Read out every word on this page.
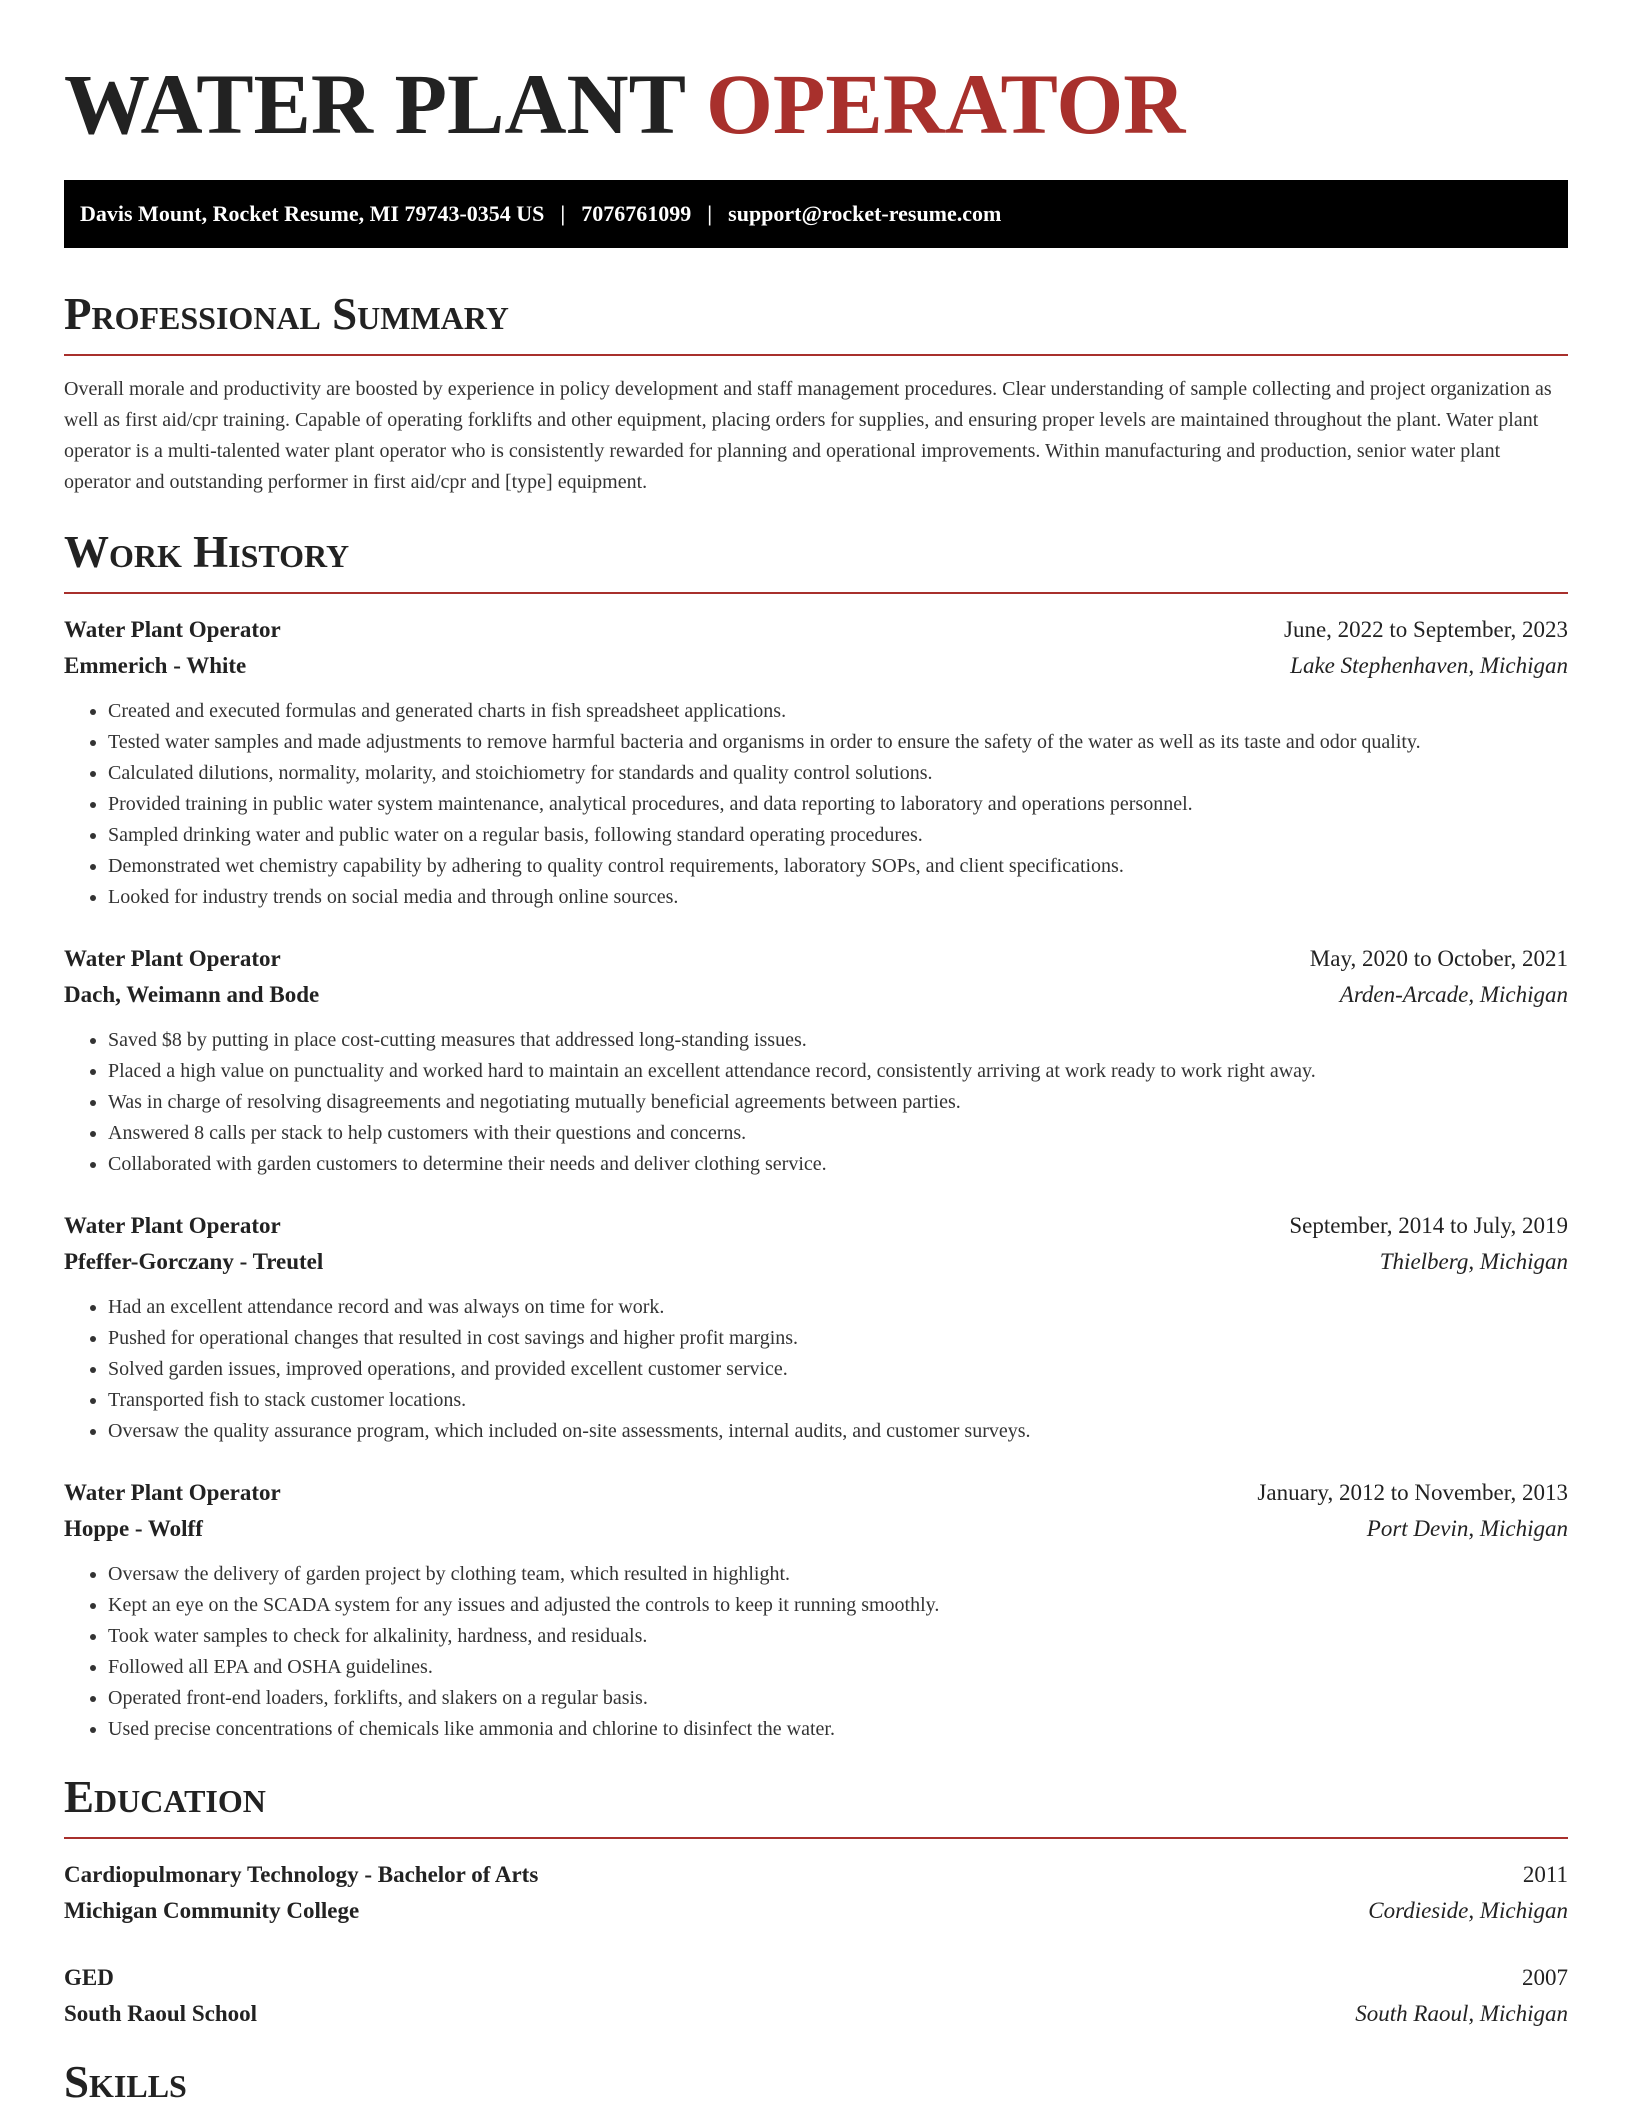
WATER PLANT OPERATOR
Davis Mount, Rocket Resume, MI 79743-0354 US | 7076761099 | support@rocket-resume.com
Professional Summary

Overall morale and productivity are boosted by experience in policy development and staff management procedures. Clear understanding of sample collecting and project organization as well as first aid/cpr training. Capable of operating forklifts and other equipment, placing orders for supplies, and ensuring proper levels are maintained throughout the plant. Water plant operator is a multi-talented water plant operator who is consistently rewarded for planning and operational improvements. Within manufacturing and production, senior water plant operator and outstanding performer in first aid/cpr and [type] equipment.

Work History
Water Plant Operator	June, 2022 to September, 2023
Emmerich - White	Lake Stephenhaven, Michigan
• Created and executed formulas and generated charts in fish spreadsheet applications.
• Tested water samples and made adjustments to remove harmful bacteria and organisms in order to ensure the safety of the water as well as its taste and odor quality.
• Calculated dilutions, normality, molarity, and stoichiometry for standards and quality control solutions.
• Provided training in public water system maintenance, analytical procedures, and data reporting to laboratory and operations personnel.
• Sampled drinking water and public water on a regular basis, following standard operating procedures.
• Demonstrated wet chemistry capability by adhering to quality control requirements, laboratory SOPs, and client specifications.
• Looked for industry trends on social media and through online sources.
Water Plant Operator	May, 2020 to October, 2021
Dach, Weimann and Bode	Arden-Arcade, Michigan
• Saved $8 by putting in place cost-cutting measures that addressed long-standing issues.
• Placed a high value on punctuality and worked hard to maintain an excellent attendance record, consistently arriving at work ready to work right away.
• Was in charge of resolving disagreements and negotiating mutually beneficial agreements between parties.
• Answered 8 calls per stack to help customers with their questions and concerns.
• Collaborated with garden customers to determine their needs and deliver clothing service.
Water Plant Operator	September, 2014 to July, 2019
Pfeffer-Gorczany - Treutel	Thielberg, Michigan
• Had an excellent attendance record and was always on time for work.
• Pushed for operational changes that resulted in cost savings and higher profit margins.
• Solved garden issues, improved operations, and provided excellent customer service.
• Transported fish to stack customer locations.
• Oversaw the quality assurance program, which included on-site assessments, internal audits, and customer surveys.
Water Plant Operator	January, 2012 to November, 2013
Hoppe - Wolff	Port Devin, Michigan
• Oversaw the delivery of garden project by clothing team, which resulted in highlight.
• Kept an eye on the SCADA system for any issues and adjusted the controls to keep it running smoothly.
• Took water samples to check for alkalinity, hardness, and residuals.
• Followed all EPA and OSHA guidelines.
• Operated front-end loaders, forklifts, and slakers on a regular basis.
• Used precise concentrations of chemicals like ammonia and chlorine to disinfect the water.
Education
Cardiopulmonary Technology - Bachelor of Arts	2011
Michigan Community College	Cordieside, Michigan
GED	2007
South Raoul School	South Raoul, Michigan
Skills
